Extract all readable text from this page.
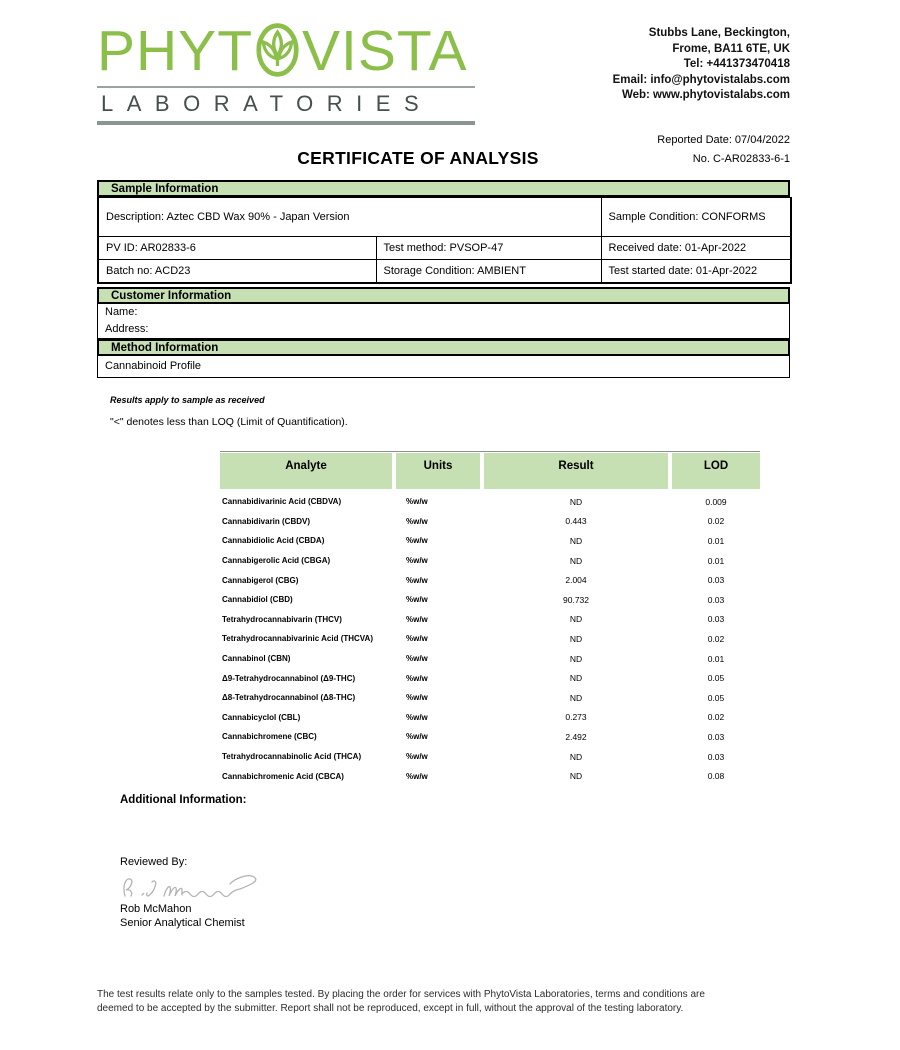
PHYT VISTA
LABORATORIES
Stubbs Lane, Beckington,
Frome, BA11 6TE, UK
Tel: +441373470418
Email: info@phytovistalabs.com
Web: www.phytovistalabs.com
Reported Date: 07/04/2022
CERTIFICATE OF ANALYSIS	No. C-AR02833-6-1
Sample Information
Description: Aztec CBD Wax 90% - Japan Version		Sample Condition: CONFORMS
PV ID: AR02833-6	Test method: PVSOP-47	Received date: 01-Apr-2022
Batch no: ACD23	Storage Condition: AMBIENT	Test started date: 01-Apr-2022
Customer Information
Name:
Address:
Method Information
Cannabinoid Profile
Results apply to sample as received
"<" denotes less than LOQ (Limit of Quantification).
Analyte	Units	Result	LOD
Cannabidivarinic Acid (CBDVA)	%w/w	ND	0.009
Cannabidivarin (CBDV)	%w/w	0.443	0.02
Cannabidiolic Acid (CBDA)	%w/w	ND	0.01
Cannabigerolic Acid (CBGA)	%w/w	ND	0.01
Cannabigerol (CBG)	%w/w	2.004	0.03
Cannabidiol (CBD)	%w/w	90.732	0.03
Tetrahydrocannabivarin (THCV)	%w/w	ND	0.03
Tetrahydrocannabivarinic Acid (THCVA)	%w/w	ND	0.02
Cannabinol (CBN)	%w/w	ND	0.01
Δ9-Tetrahydrocannabinol (Δ9-THC)	%w/w	ND	0.05
Δ8-Tetrahydrocannabinol (Δ8-THC)	%w/w	ND	0.05
Cannabicyclol (CBL)	%w/w	0.273	0.02
Cannabichromene (CBC)	%w/w	2.492	0.03
Tetrahydrocannabinolic Acid (THCA)	%w/w	ND	0.03
Cannabichromenic Acid (CBCA)	%w/w	ND	0.08
Additional Information:
Reviewed By:
Rob McMahon
Senior Analytical Chemist
The test results relate only to the samples tested. By placing the order for services with PhytoVista Laboratories, terms and conditions are
deemed to be accepted by the submitter. Report shall not be reproduced, except in full, without the approval of the testing laboratory.
